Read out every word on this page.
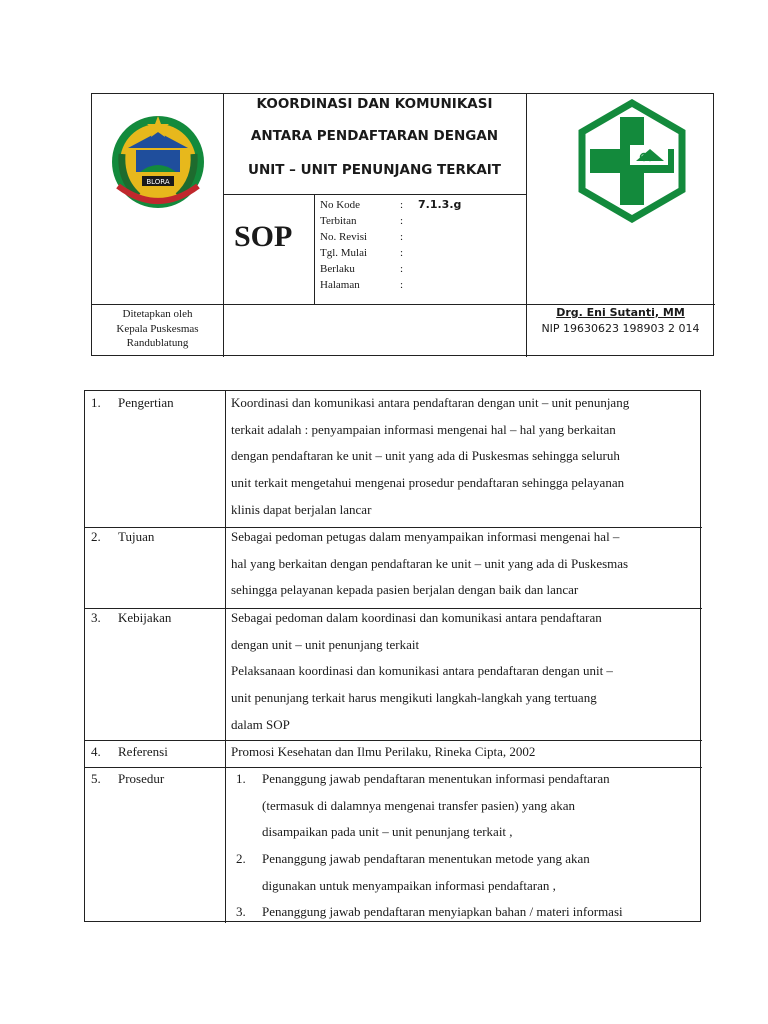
BLORA
KOORDINASI DAN KOMUNIKASI
ANTARA PENDAFTARAN DENGAN
UNIT – UNIT PENUNJANG TERKAIT
SOP
No Kode	: 7.1.3.g
Terbitan	:
No. Revisi	:
Tgl. Mulai	:
Berlaku	:
Halaman	:
Ditetapkan oleh
Kepala Puskesmas
Randublatung
Drg. Eni Sutanti, MM
NIP 19630623 198903 2 014
1. Pengertian	Koordinasi dan komunikasi antara pendaftaran dengan unit – unit penunjang

terkait adalah : penyampaian informasi mengenai hal – hal yang berkaitan

dengan pendaftaran ke unit – unit yang ada di Puskesmas sehingga seluruh

unit terkait mengetahui mengenai prosedur pendaftaran sehingga pelayanan

klinis dapat berjalan lancar

2. Tujuan	Sebagai pedoman petugas dalam menyampaikan informasi mengenai hal –

hal yang berkaitan dengan pendaftaran ke unit – unit yang ada di Puskesmas

sehingga pelayanan kepada pasien berjalan dengan baik dan lancar

3. Kebijakan	Sebagai pedoman dalam koordinasi dan komunikasi antara pendaftaran

dengan unit – unit penunjang terkait

Pelaksanaan koordinasi dan komunikasi antara pendaftaran dengan unit –

unit penunjang terkait harus mengikuti langkah-langkah yang tertuang

dalam SOP

4. Referensi	Promosi Kesehatan dan Ilmu Perilaku, Rineka Cipta, 2002

5. Prosedur	1. Penanggung jawab pendaftaran menentukan informasi pendaftaran

(termasuk di dalamnya mengenai transfer pasien) yang akan

disampaikan pada unit – unit penunjang terkait ,

2. Penanggung jawab pendaftaran menentukan metode yang akan

digunakan untuk menyampaikan informasi pendaftaran ,

3. Penanggung jawab pendaftaran menyiapkan bahan / materi informasi
